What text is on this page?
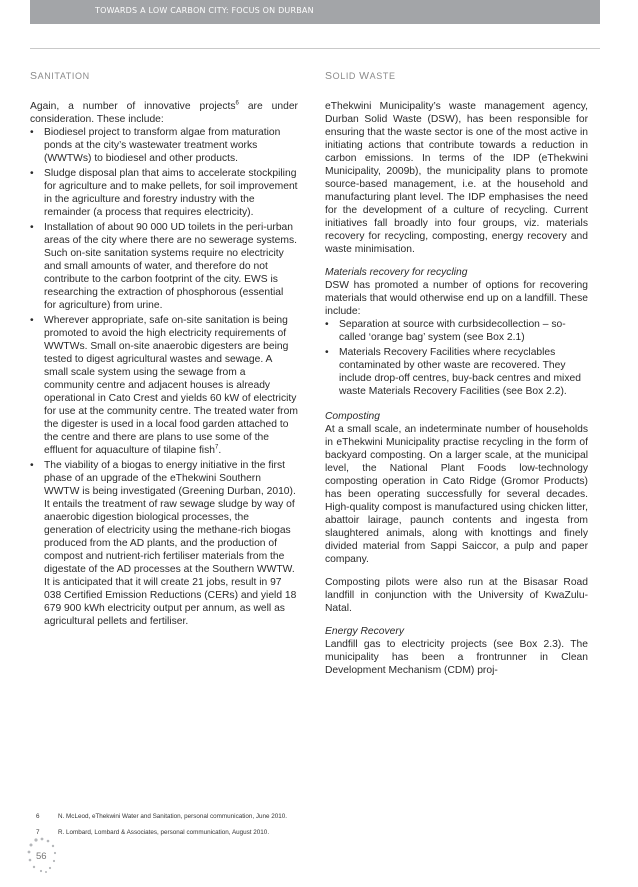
TOWARDS A LOW CARBON CITY: FOCUS ON DURBAN
SANITATION

Again, a number of innovative projects$^6$ are under consideration. These include:

• Biodiesel project to transform algae from maturation ponds at the city’s wastewater treatment works (WWTWs) to biodiesel and other products.
• Sludge disposal plan that aims to accelerate stockpiling for agriculture and to make pellets, for soil improvement in the agriculture and forestry industry with the remainder (a process that requires electricity).
• Installation of about 90 000 UD toilets in the peri-urban areas of the city where there are no sewerage systems. Such on-site sanitation systems require no electricity and small amounts of water, and therefore do not contribute to the carbon footprint of the city. EWS is researching the extraction of phosphorous (essential for agriculture) from urine.
• Wherever appropriate, safe on-site sanitation is being promoted to avoid the high electricity requirements of WWTWs. Small on-site anaerobic digesters are being tested to digest agricultural wastes and sewage. A small scale system using the sewage from a community centre and adjacent houses is already operational in Cato Crest and yields 60 kW of electricity for use at the community centre. The treated water from the digester is used in a local food garden attached to the centre and there are plans to use some of the effluent for aquaculture of tilapine fish$^7$.
• The viability of a biogas to energy initiative in the first phase of an upgrade of the eThekwini Southern WWTW is being investigated (Greening Durban, 2010). It entails the treatment of raw sewage sludge by way of anaerobic digestion biological processes, the generation of electricity using the methane-rich biogas produced from the AD plants, and the production of compost and nutrient-rich fertiliser materials from the digestate of the AD processes at the Southern WWTW. It is anticipated that it will create 21 jobs, result in 97 038 Certified Emission Reductions (CERs) and yield 18 679 900 kWh electricity output per annum, as well as agricultural pellets and fertiliser.
SOLID WASTE

eThekwini Municipality’s waste management agency, Durban Solid Waste (DSW), has been responsible for ensuring that the waste sector is one of the most active in initiating actions that contribute towards a reduction in carbon emissions. In terms of the IDP (eThekwini Municipality, 2009b), the municipality plans to promote source-based management, i.e. at the household and manufacturing plant level. The IDP emphasises the need for the development of a culture of recycling. Current initiatives fall broadly into four groups, viz. materials recovery for recycling, composting, energy recovery and waste minimisation.

Materials recovery for recycling

DSW has promoted a number of options for recovering materials that would otherwise end up on a landfill. These include:

• Separation at source with curbsidecollection – so-called ‘orange bag’ system (see Box 2.1)
• Materials Recovery Facilities where recyclables contaminated by other waste are recovered. They include drop-off centres, buy-back centres and mixed waste Materials Recovery Facilities (see Box 2.2).

Composting

At a small scale, an indeterminate number of households in eThekwini Municipality practise recycling in the form of backyard composting. On a larger scale, at the municipal level, the National Plant Foods low-technology composting operation in Cato Ridge (Gromor Products) has been operating successfully for several decades. High-quality compost is manufactured using chicken litter, abattoir lairage, paunch contents and ingesta from slaughtered animals, along with knottings and finely divided material from Sappi Saiccor, a pulp and paper company.

Composting pilots were also run at the Bisasar Road landfill in conjunction with the University of KwaZulu-Natal.

Energy Recovery

Landfill gas to electricity projects (see Box 2.3). The municipality has been a frontrunner in Clean Development Mechanism (CDM) proj-

6	N. McLeod, eThekwini Water and Sanitation, personal communication, June 2010.
7	R. Lombard, Lombard & Associates, personal communication, August 2010.
56
